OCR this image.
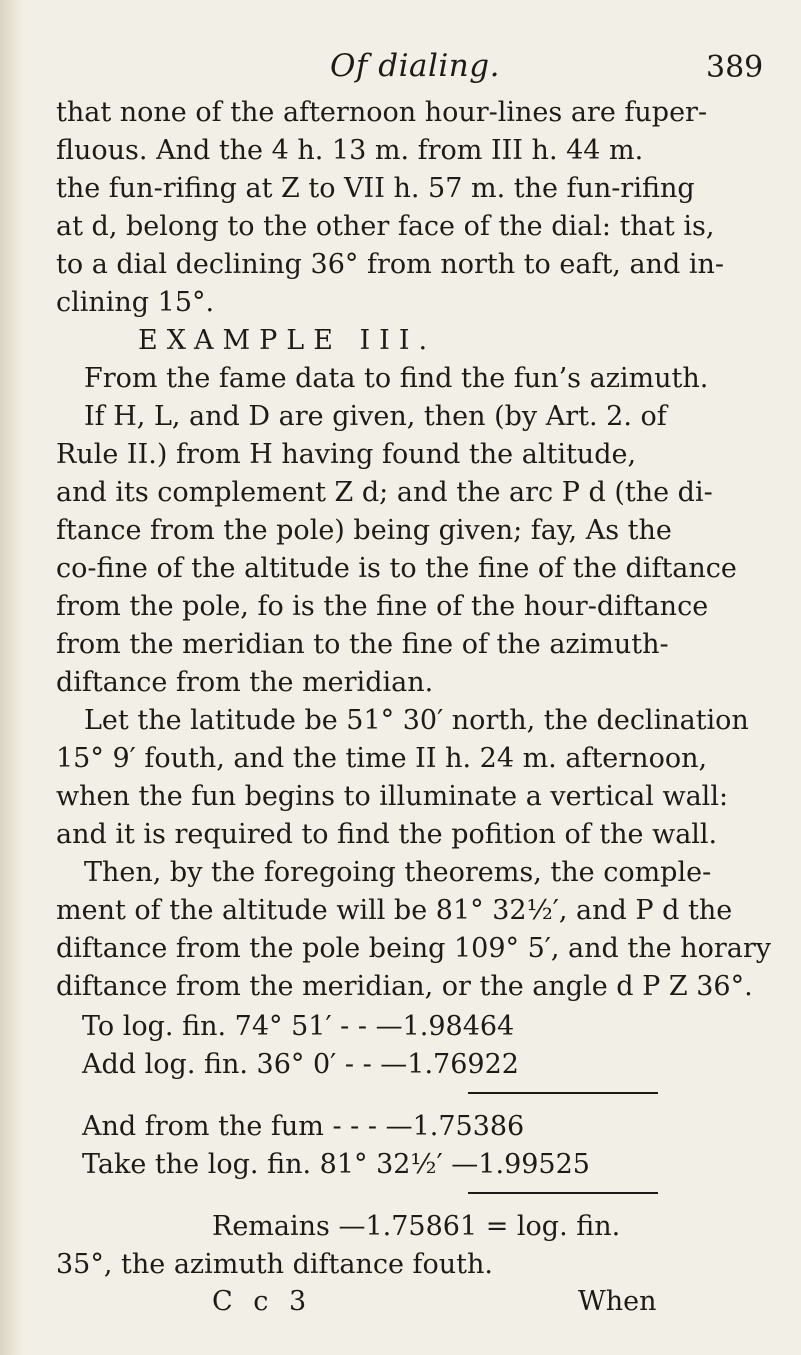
Of dialing.	389
that none of the afternoon hour-lines are fuper-
fluous. And the 4 h. 13 m. from III h. 44 m.
the fun-rifing at Z to VII h. 57 m. the fun-rifing
at d, belong to the other face of the dial: that is,
to a dial declining 36° from north to eaft, and in-
clining 15°.
EXAMPLE III.
From the fame data to find the fun’s azimuth.
If H, L, and D are given, then (by Art. 2. of
Rule II.) from H having found the altitude,
and its complement Z d; and the arc P d (the di-
ftance from the pole) being given; fay, As the
co-fine of the altitude is to the fine of the diftance
from the pole, fo is the fine of the hour-diftance
from the meridian to the fine of the azimuth-
diftance from the meridian.
Let the latitude be 51° 30′ north, the declination
15° 9′ fouth, and the time II h. 24 m. afternoon,
when the fun begins to illuminate a vertical wall:
and it is required to find the pofition of the wall.
Then, by the foregoing theorems, the comple-
ment of the altitude will be 81° 32½′, and P d the
diftance from the pole being 109° 5′, and the horary
diftance from the meridian, or the angle d P Z 36°.
To log. fin. 74° 51′ - - —1.98464
Add log. fin. 36° 0′ - - —1.76922
And from the fum - - - —1.75386
Take the log. fin. 81° 32½′ —1.99525
Remains —1.75861 = log. fin.
35°, the azimuth diftance fouth.
C c 3	When
